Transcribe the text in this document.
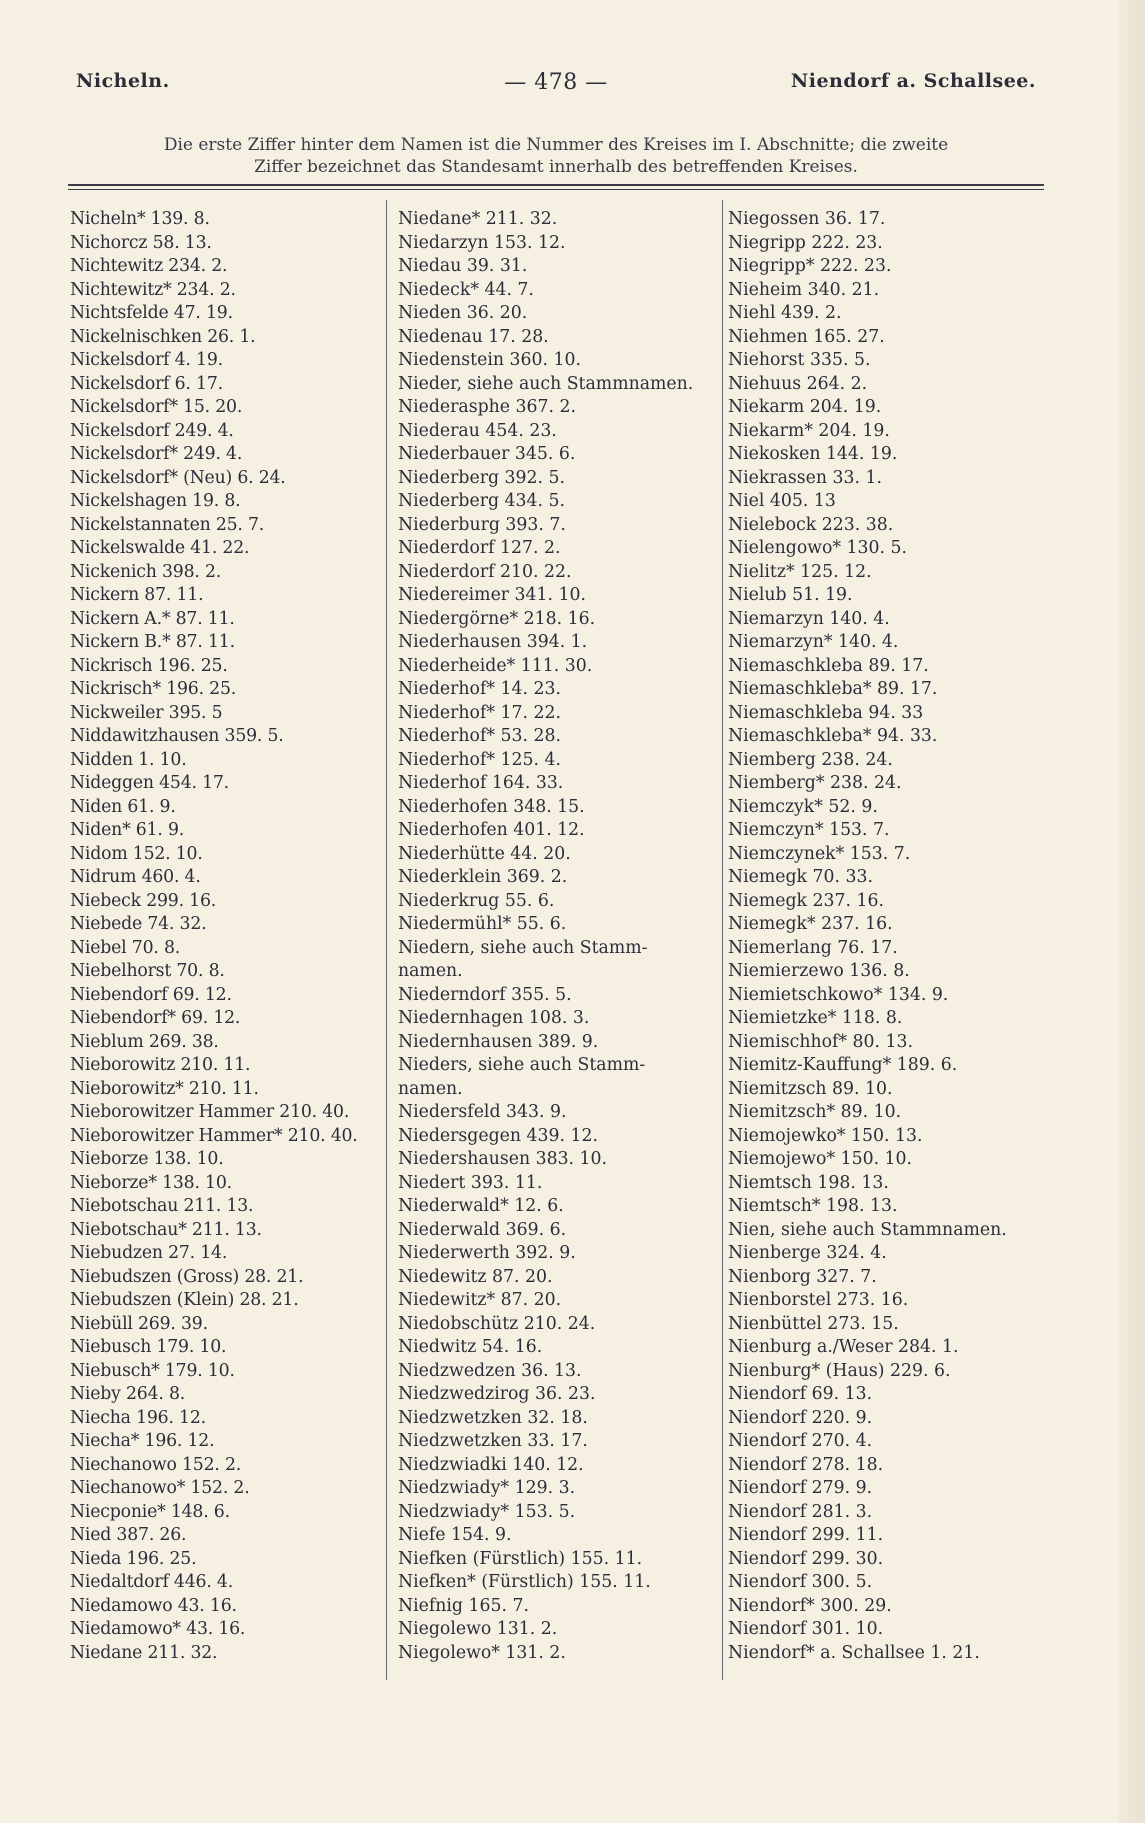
— 478 —
Nicheln.	Niendorf a. Schallsee.
Die erste Ziffer hinter dem Namen ist die Nummer des Kreises im I. Abschnitte; die zweite
Ziffer bezeichnet das Standesamt innerhalb des betreffenden Kreises.
Nicheln* 139. 8.
Nichorcz 58. 13.
Nichtewitz 234. 2.
Nichtewitz* 234. 2.
Nichtsfelde 47. 19.
Nickelnischken 26. 1.
Nickelsdorf 4. 19.
Nickelsdorf 6. 17.
Nickelsdorf* 15. 20.
Nickelsdorf 249. 4.
Nickelsdorf* 249. 4.
Nickelsdorf* (Neu) 6. 24.
Nickelshagen 19. 8.
Nickelstannaten 25. 7.
Nickelswalde 41. 22.
Nickenich 398. 2.
Nickern 87. 11.
Nickern A.* 87. 11.
Nickern B.* 87. 11.
Nickrisch 196. 25.
Nickrisch* 196. 25.
Nickweiler 395. 5
Niddawitzhausen 359. 5.
Nidden 1. 10.
Nideggen 454. 17.
Niden 61. 9.
Niden* 61. 9.
Nidom 152. 10.
Nidrum 460. 4.
Niebeck 299. 16.
Niebede 74. 32.
Niebel 70. 8.
Niebelhorst 70. 8.
Niebendorf 69. 12.
Niebendorf* 69. 12.
Nieblum 269. 38.
Nieborowitz 210. 11.
Nieborowitz* 210. 11.
Nieborowitzer Hammer 210. 40.
Nieborowitzer Hammer* 210. 40.
Nieborze 138. 10.
Nieborze* 138. 10.
Niebotschau 211. 13.
Niebotschau* 211. 13.
Niebudzen 27. 14.
Niebudszen (Gross) 28. 21.
Niebudszen (Klein) 28. 21.
Niebüll 269. 39.
Niebusch 179. 10.
Niebusch* 179. 10.
Nieby 264. 8.
Niecha 196. 12.
Niecha* 196. 12.
Niechanowo 152. 2.
Niechanowo* 152. 2.
Niecponie* 148. 6.
Nied 387. 26.
Nieda 196. 25.
Niedaltdorf 446. 4.
Niedamowo 43. 16.
Niedamowo* 43. 16.
Niedane 211. 32.
Niedane* 211. 32.
Niedarzyn 153. 12.
Niedau 39. 31.
Niedeck* 44. 7.
Nieden 36. 20.
Niedenau 17. 28.
Niedenstein 360. 10.
Nieder, siehe auch Stammnamen.
Niederasphe 367. 2.
Niederau 454. 23.
Niederbauer 345. 6.
Niederberg 392. 5.
Niederberg 434. 5.
Niederburg 393. 7.
Niederdorf 127. 2.
Niederdorf 210. 22.
Niedereimer 341. 10.
Niedergörne* 218. 16.
Niederhausen 394. 1.
Niederheide* 111. 30.
Niederhof* 14. 23.
Niederhof* 17. 22.
Niederhof* 53. 28.
Niederhof* 125. 4.
Niederhof 164. 33.
Niederhofen 348. 15.
Niederhofen 401. 12.
Niederhütte 44. 20.
Niederklein 369. 2.
Niederkrug 55. 6.
Niedermühl* 55. 6.
Niedern, siehe auch Stamm-
namen.
Niederndorf 355. 5.
Niedernhagen 108. 3.
Niedernhausen 389. 9.
Nieders, siehe auch Stamm-
namen.
Niedersfeld 343. 9.
Niedersgegen 439. 12.
Niedershausen 383. 10.
Niedert 393. 11.
Niederwald* 12. 6.
Niederwald 369. 6.
Niederwerth 392. 9.
Niedewitz 87. 20.
Niedewitz* 87. 20.
Niedobschütz 210. 24.
Niedwitz 54. 16.
Niedzwedzen 36. 13.
Niedzwedzirog 36. 23.
Niedzwetzken 32. 18.
Niedzwetzken 33. 17.
Niedzwiadki 140. 12.
Niedzwiady* 129. 3.
Niedzwiady* 153. 5.
Niefe 154. 9.
Niefken (Fürstlich) 155. 11.
Niefken* (Fürstlich) 155. 11.
Niefnig 165. 7.
Niegolewo 131. 2.
Niegolewo* 131. 2.
Niegossen 36. 17.
Niegripp 222. 23.
Niegripp* 222. 23.
Nieheim 340. 21.
Niehl 439. 2.
Niehmen 165. 27.
Niehorst 335. 5.
Niehuus 264. 2.
Niekarm 204. 19.
Niekarm* 204. 19.
Niekosken 144. 19.
Niekrassen 33. 1.
Niel 405. 13
Nielebock 223. 38.
Nielengowo* 130. 5.
Nielitz* 125. 12.
Nielub 51. 19.
Niemarzyn 140. 4.
Niemarzyn* 140. 4.
Niemaschkleba 89. 17.
Niemaschkleba* 89. 17.
Niemaschkleba 94. 33
Niemaschkleba* 94. 33.
Niemberg 238. 24.
Niemberg* 238. 24.
Niemczyk* 52. 9.
Niemczyn* 153. 7.
Niemczynek* 153. 7.
Niemegk 70. 33.
Niemegk 237. 16.
Niemegk* 237. 16.
Niemerlang 76. 17.
Niemierzewo 136. 8.
Niemietschkowo* 134. 9.
Niemietzke* 118. 8.
Niemischhof* 80. 13.
Niemitz-Kauffung* 189. 6.
Niemitzsch 89. 10.
Niemitzsch* 89. 10.
Niemojewko* 150. 13.
Niemojewo* 150. 10.
Niemtsch 198. 13.
Niemtsch* 198. 13.
Nien, siehe auch Stammnamen.
Nienberge 324. 4.
Nienborg 327. 7.
Nienborstel 273. 16.
Nienbüttel 273. 15.
Nienburg a./Weser 284. 1.
Nienburg* (Haus) 229. 6.
Niendorf 69. 13.
Niendorf 220. 9.
Niendorf 270. 4.
Niendorf 278. 18.
Niendorf 279. 9.
Niendorf 281. 3.
Niendorf 299. 11.
Niendorf 299. 30.
Niendorf 300. 5.
Niendorf* 300. 29.
Niendorf 301. 10.
Niendorf* a. Schallsee 1. 21.
